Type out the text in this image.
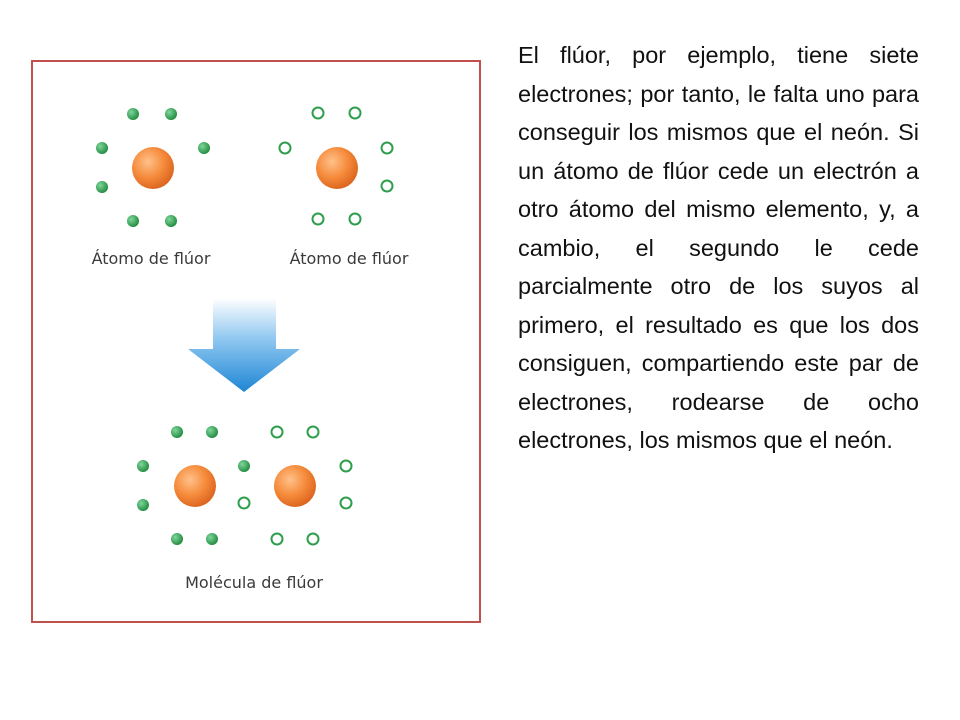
Átomo de flúor	Átomo de flúor
Molécula de flúor

El flúor, por ejemplo, tiene siete electrones; por tanto, le falta uno para conseguir los mismos que el neón. Si un átomo de flúor cede un electrón a otro átomo del mismo elemento, y, a cambio, el segundo le cede parcialmente otro de los suyos al primero, el resultado es que los dos consiguen, compartiendo este par de electrones, rodearse de ocho electrones, los mismos que el neón.
